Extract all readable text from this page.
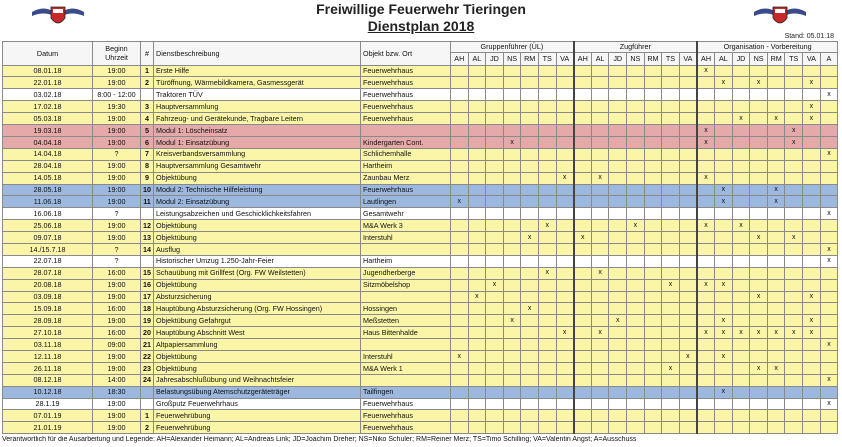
Freiwillige Feuerwehr Tieringen
Dienstplan 2018
Stand: 05.01.18
Datum	Beginn Uhrzeit	#	Dienstbeschreibung	Objekt bzw. Ort	Gruppenführer (ÜL)							Zugführer							Organisation - Vorbereitung							
					AH	AL	JD	NS	RM	TS	VA	AH	AL	JD	NS	RM	TS	VA	AH	AL	JD	NS	RM	TS	VA	A
08.01.18	19:00	1	Erste Hilfe	Feuerwehrhaus															x							
22.01.18	19:00	2	Türöffnung, Wärmebildkamera, Gasmessgerät	Feuerwehrhaus																x		x			x	
03.02.18	8:00 - 12:00		Traktoren TÜV	Feuerwehrhaus																						x
17.02.18	19:30	3	Hauptversammlung	Feuerwehrhaus																					x	
05.03.18	19:00	4	Fahrzeug- und Gerätekunde, Tragbare Leitern	Feuerwehrhaus																	x		x		x	
19.03.18	19:00	5	Modul 1: Löscheinsatz																x					x		
04.04.18	19:00	6	Modul 1: Einsatzübung	Kindergarten Cont.				x											x					x		
14.04.18	?	7	Kreisverbandsversammlung	Schlichemhalle																						x
28.04.18	19:00	8	Hauptversammlung Gesamtwehr	Hartheim																						
14.05.18	19:00	9	Objektübung	Zaunbau Merz							x		x						x							
28.05.18	19:00	10	Modul 2: Technische Hilfeleistung	Feuerwehrhaus																x			x			
11.06.18	19:00	11	Modul 2: Einsatzübung	Lautlingen	x															x			x			
16.06.18	?		Leistungsabzeichen und Geschicklichkeitsfahren	Gesamtwehr																						x
25.06.18	19:00	12	Objektübung	M&A Werk 3						x					x				x		x					
09.07.18	19:00	13	Objektübung	Interstuhl					x			x										x		x		
14./15.7.18	?	14	Ausflug																							x
22.07.18	?		Historischer Umzug 1.250-Jahr-Feier	Hartheim																						x
28.07.18	16:00	15	Schauübung mit Grillfest (Org. FW Weilstetten)	Jugendherberge						x			x													
20.08.18	19:00	16	Objektübung	Sitzmöbelshop			x										x		x	x						
03.09.18	19:00	17	Absturzsicherung			x																x			x	
15.09.18	16:00	18	Hauptübung Absturzsicherung (Org. FW Hossingen)	Hossingen					x																	
28.09.18	19:00	19	Objektübung Gefahrgut	Meßstetten				x						x						x					x	
27.10.18	16:00	20	Hauptübung Abschnitt West	Haus Bittenhalde							x		x						x	x	x	x	x	x	x	
03.11.18	09:00	21	Altpapiersammlung																							x
12.11.18	19:00	22	Objektübung	Interstuhl	x													x		x						
26.11.18	19:00	23	Objektübung	M&A Werk 1													x					x	x			
08.12.18	14:00	24	Jahresabschlußübung und Weihnachtsfeier																							x
10.12.18	18:30		Belastungsübung Atemschutzgeräteträger	Tailfingen																x						
28.1.19	19:00		Großputz Feuerwehrhaus	Feuerwehrhaus																						x
07.01.19	19:00	1	Feuerwehrübung	Feuerwehrhaus																						
21.01.19	19:00	2	Feuerwehrübung	Feuerwehrhaus																						
Verantwortlich für die Ausarbeitung und Legende: AH=Alexander Heimann; AL=Andreas Link; JD=Joachim Dreher; NS=Niko Schuler; RM=Reiner Merz; TS=Timo Schilling; VA=Valentin Angst; A=Ausschuss
